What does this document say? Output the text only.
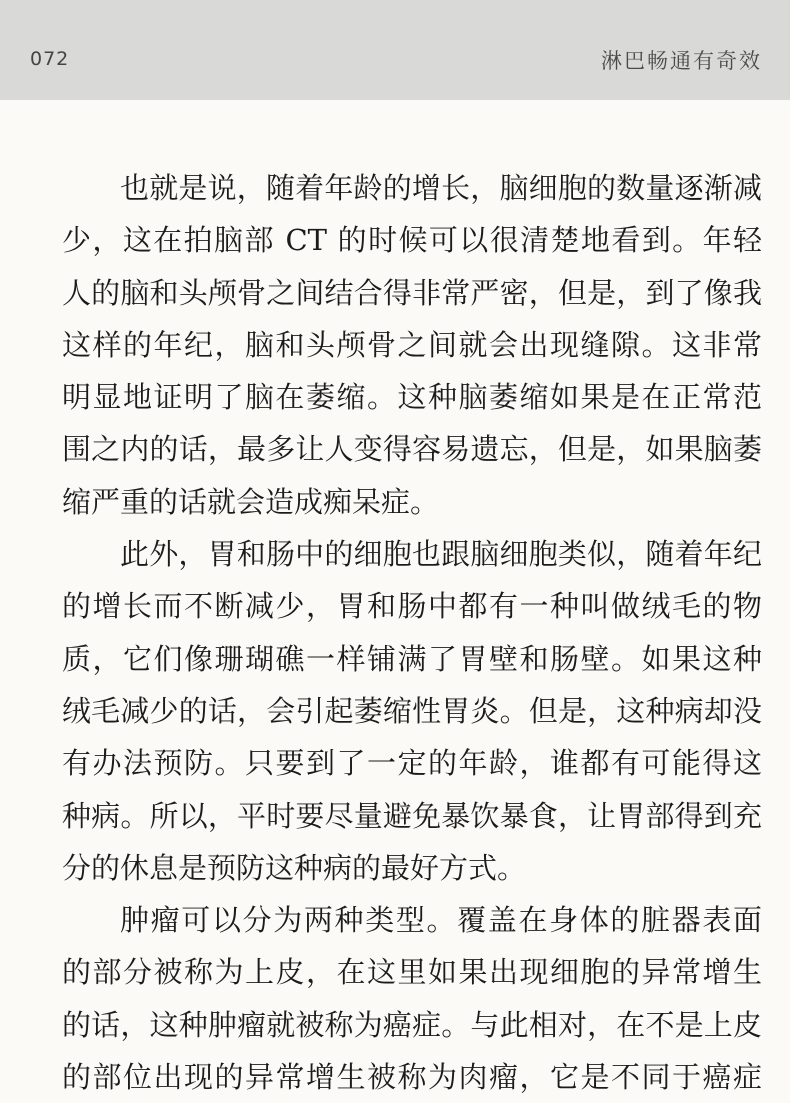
072	淋巴畅通有奇效
也就是说，随着年龄的增长，脑细胞的数量逐渐减
少，这在拍脑部 CT 的时候可以很清楚地看到。年轻
人的脑和头颅骨之间结合得非常严密，但是，到了像我
这样的年纪，脑和头颅骨之间就会出现缝隙。这非常
明显地证明了脑在萎缩。这种脑萎缩如果是在正常范
围之内的话，最多让人变得容易遗忘，但是，如果脑萎
缩严重的话就会造成痴呆症。
此外，胃和肠中的细胞也跟脑细胞类似，随着年纪
的增长而不断减少，胃和肠中都有一种叫做绒毛的物
质，它们像珊瑚礁一样铺满了胃壁和肠壁。如果这种
绒毛减少的话，会引起萎缩性胃炎。但是，这种病却没
有办法预防。只要到了一定的年龄，谁都有可能得这
种病。所以，平时要尽量避免暴饮暴食，让胃部得到充
分的休息是预防这种病的最好方式。
肿瘤可以分为两种类型。覆盖在身体的脏器表面
的部分被称为上皮，在这里如果出现细胞的异常增生
的话，这种肿瘤就被称为癌症。与此相对，在不是上皮
的部位出现的异常增生被称为肉瘤，它是不同于癌症
